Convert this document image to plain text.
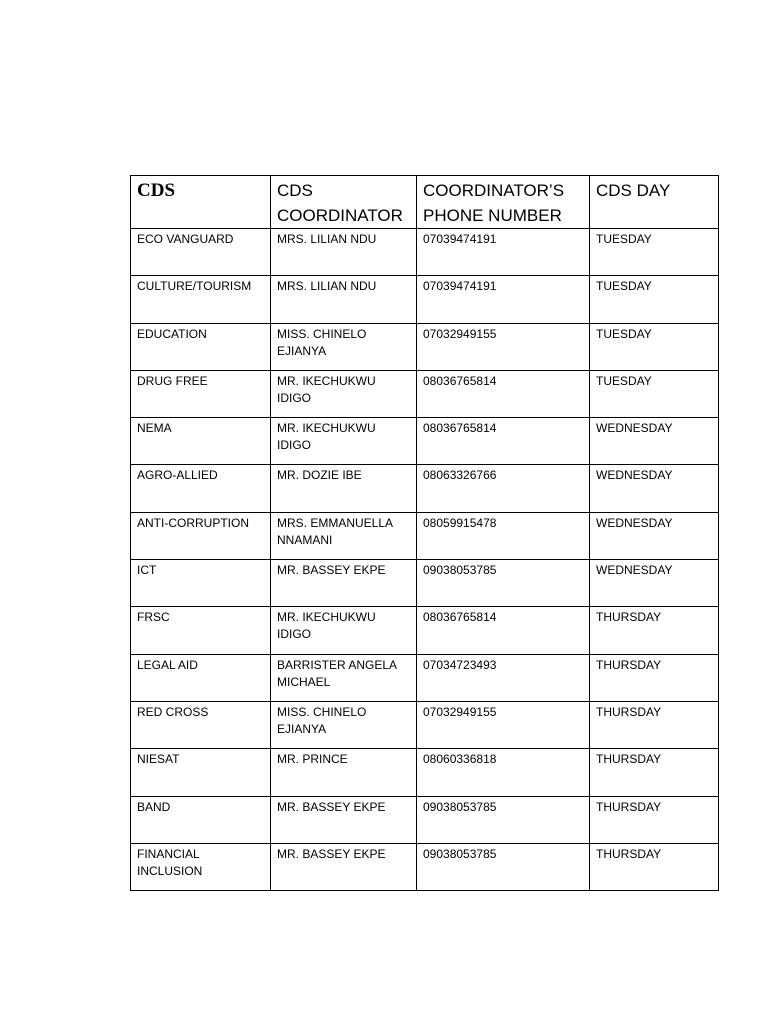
CDS	CDS COORDINATOR	COORDINATOR’S PHONE NUMBER	CDS DAY
ECO VANGUARD	MRS. LILIAN NDU	07039474191	TUESDAY
CULTURE/TOURISM	MRS. LILIAN NDU	07039474191	TUESDAY
EDUCATION	MISS. CHINELO EJIANYA	07032949155	TUESDAY
DRUG FREE	MR. IKECHUKWU IDIGO	08036765814	TUESDAY
NEMA	MR. IKECHUKWU IDIGO	08036765814	WEDNESDAY
AGRO-ALLIED	MR. DOZIE IBE	08063326766	WEDNESDAY
ANTI-CORRUPTION	MRS. EMMANUELLA NNAMANI	08059915478	WEDNESDAY
ICT	MR. BASSEY EKPE	09038053785	WEDNESDAY
FRSC	MR. IKECHUKWU IDIGO	08036765814	THURSDAY
LEGAL AID	BARRISTER ANGELA MICHAEL	07034723493	THURSDAY
RED CROSS	MISS. CHINELO EJIANYA	07032949155	THURSDAY
NIESAT	MR. PRINCE	08060336818	THURSDAY
BAND	MR. BASSEY EKPE	09038053785	THURSDAY
FINANCIAL INCLUSION	MR. BASSEY EKPE	09038053785	THURSDAY
